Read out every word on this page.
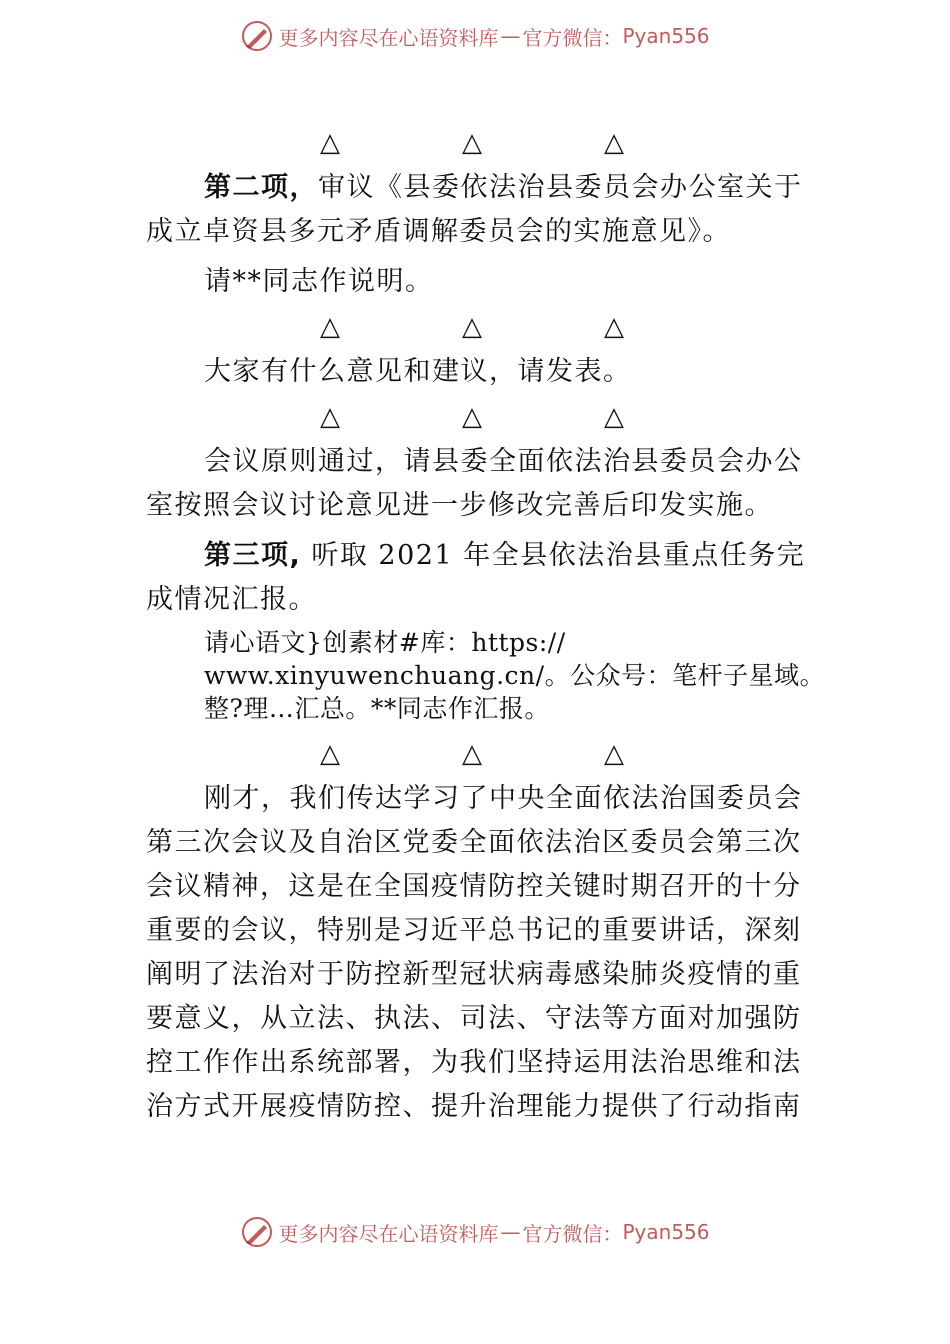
更多内容尽在心语资料库 — 官方微信： Pyan556
△	△	△

第二项，审议《县委依法治县委员会办公室关于成立卓资县多元矛盾调解委员会的实施意见》。

请**同志作说明。

△	△	△

大家有什么意见和建议，请发表。

△	△	△

会议原则通过，请县委全面依法治县委员会办公室按照会议讨论意见进一步修改完善后印发实施。

第三项, 听取 2021 年全县依法治县重点任务完成情况汇报。

请心语文}创素材#库：https://
www.xinyuwenchuang.cn/。公众号：笔杆子星域。
整?理…汇总。**同志作汇报。
△	△	△

刚才，我们传达学习了中央全面依法治国委员会第三次会议及自治区党委全面依法治区委员会第三次会议精神，这是在全国疫情防控关键时期召开的十分重要的会议，特别是习近平总书记的重要讲话，深刻阐明了法治对于防控新型冠状病毒感染肺炎疫情的重要意义，从立法、执法、司法、守法等方面对加强防控工作作出系统部署，为我们坚持运用法治思维和法治方式开展疫情防控、提升治理能力提供了行动指南

更多内容尽在心语资料库 — 官方微信： Pyan556
